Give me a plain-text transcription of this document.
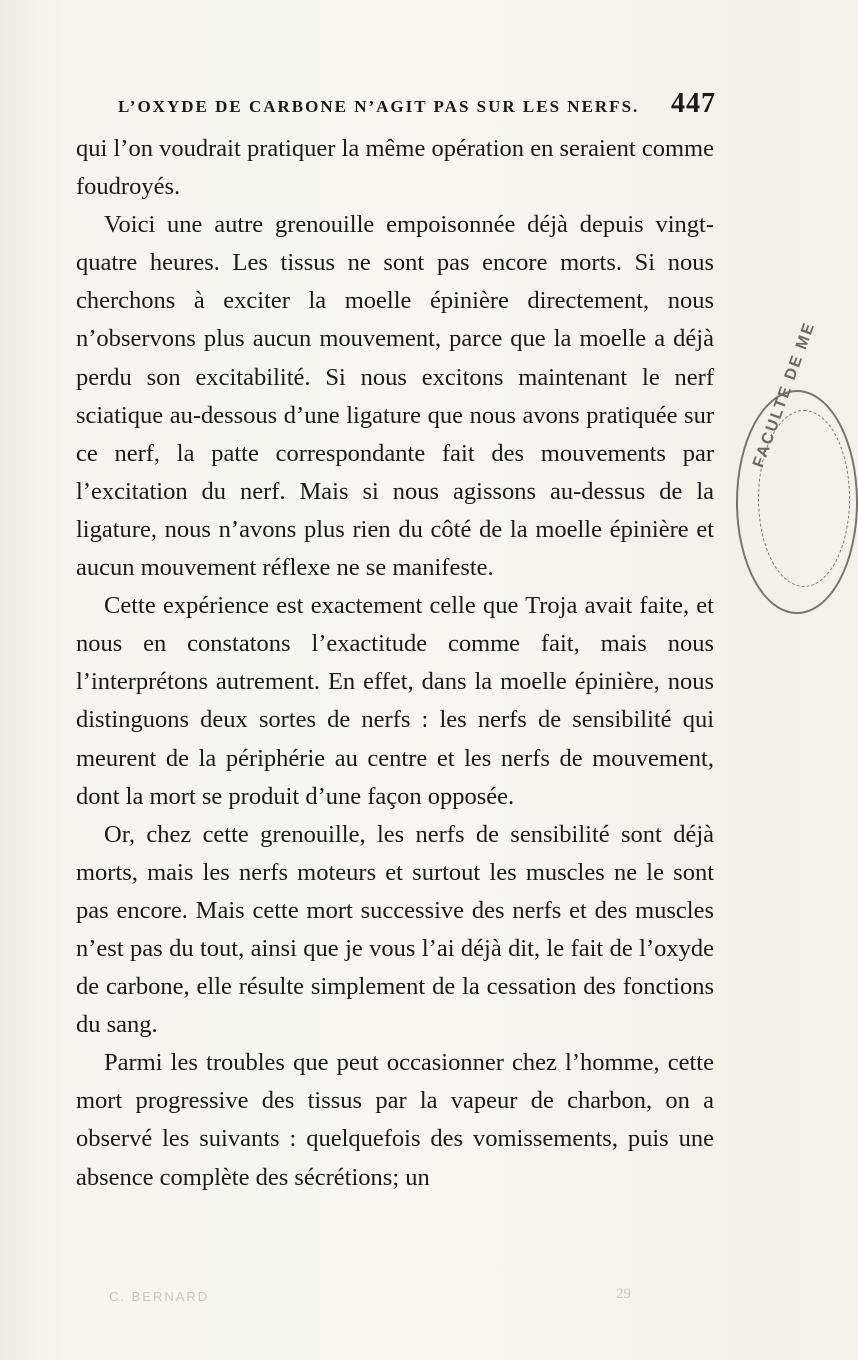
L’OXYDE DE CARBONE N’AGIT PAS SUR LES NERFS. 447

qui l’on voudrait pratiquer la même opération en seraient comme foudroyés.

Voici une autre grenouille empoisonnée déjà depuis vingt-quatre heures. Les tissus ne sont pas encore morts. Si nous cherchons à exciter la moelle épinière directement, nous n’observons plus aucun mouvement, parce que la moelle a déjà perdu son excitabilité. Si nous excitons maintenant le nerf sciatique au-dessous d’une ligature que nous avons pratiquée sur ce nerf, la patte correspondante fait des mouvements par l’excitation du nerf. Mais si nous agissons au-dessus de la ligature, nous n’avons plus rien du côté de la moelle épinière et aucun mouvement réflexe ne se manifeste.

Cette expérience est exactement celle que Troja avait faite, et nous en constatons l’exactitude comme fait, mais nous l’interprétons autrement. En effet, dans la moelle épinière, nous distinguons deux sortes de nerfs : les nerfs de sensibilité qui meurent de la périphérie au centre et les nerfs de mouvement, dont la mort se produit d’une façon opposée.

Or, chez cette grenouille, les nerfs de sensibilité sont déjà morts, mais les nerfs moteurs et surtout les muscles ne le sont pas encore. Mais cette mort successive des nerfs et des muscles n’est pas du tout, ainsi que je vous l’ai déjà dit, le fait de l’oxyde de carbone, elle résulte simplement de la cessation des fonctions du sang.

Parmi les troubles que peut occasionner chez l’homme, cette mort progressive des tissus par la vapeur de charbon, on a observé les suivants : quelquefois des vomissements, puis une absence complète des sécrétions; un

FACULTE DE ME
C. BERNARD	29
